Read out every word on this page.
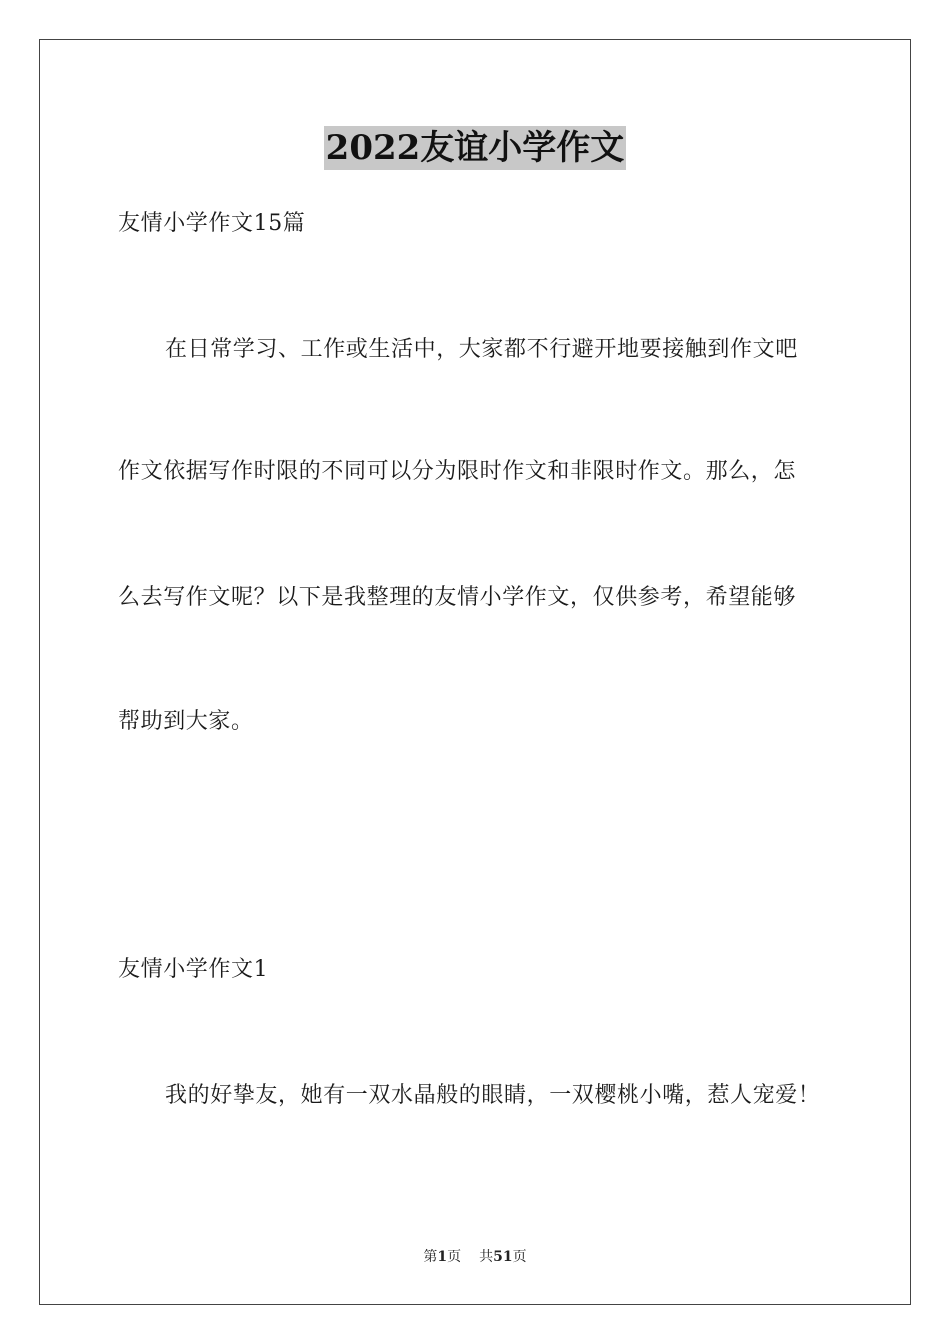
2022友谊小学作文
友情小学作文15篇
在日常学习、工作或生活中，大家都不行避开地要接触到作文吧
作文依据写作时限的不同可以分为限时作文和非限时作文。那么，怎
么去写作文呢？以下是我整理的友情小学作文，仅供参考，希望能够
帮助到大家。
友情小学作文1
我的好挚友，她有一双水晶般的眼睛，一双樱桃小嘴，惹人宠爱！
第1页 共51页
